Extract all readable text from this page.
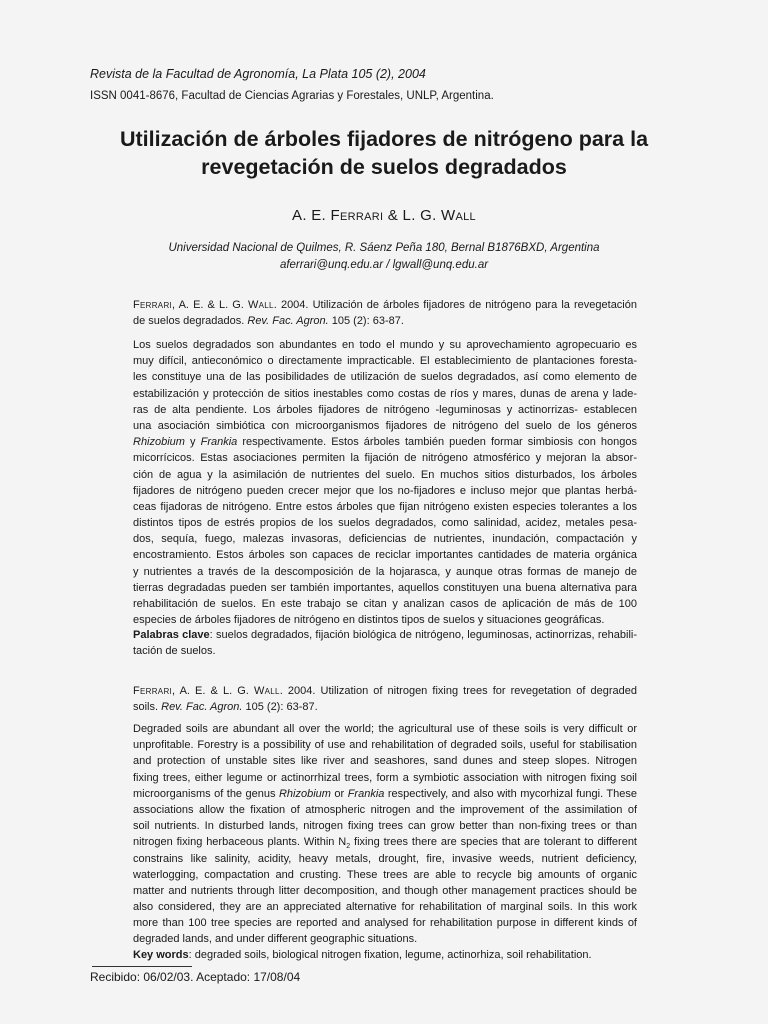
Revista de la Facultad de Agronomía, La Plata 105 (2), 2004

ISSN 0041-8676, Facultad de Ciencias Agrarias y Forestales, UNLP, Argentina.

Utilización de árboles fijadores de nitrógeno para la
revegetación de suelos degradados

A. E. Ferrari & L. G. Wall

Universidad Nacional de Quilmes, R. Sáenz Peña 180, Bernal B1876BXD, Argentina
aferrari@unq.edu.ar / lgwall@unq.edu.ar

Ferrari, A. E. & L. G. Wall. 2004. Utilización de árboles fijadores de nitrógeno para la revegetación
de suelos degradados. Rev. Fac. Agron. 105 (2): 63-87.
Los suelos degradados son abundantes en todo el mundo y su aprovechamiento agropecuario es
muy difícil, antieconómico o directamente impracticable. El establecimiento de plantaciones foresta-
les constituye una de las posibilidades de utilización de suelos degradados, así como elemento de
estabilización y protección de sitios inestables como costas de ríos y mares, dunas de arena y lade-
ras de alta pendiente. Los árboles fijadores de nitrógeno -leguminosas y actinorrizas- establecen
una asociación simbiótica con microorganismos fijadores de nitrógeno del suelo de los géneros
Rhizobium y Frankia respectivamente. Estos árboles también pueden formar simbiosis con hongos
micorrícicos. Estas asociaciones permiten la fijación de nitrógeno atmosférico y mejoran la absor-
ción de agua y la asimilación de nutrientes del suelo. En muchos sitios disturbados, los árboles
fijadores de nitrógeno pueden crecer mejor que los no-fijadores e incluso mejor que plantas herbá-
ceas fijadoras de nitrógeno. Entre estos árboles que fijan nitrógeno existen especies tolerantes a los
distintos tipos de estrés propios de los suelos degradados, como salinidad, acidez, metales pesa-
dos, sequía, fuego, malezas invasoras, deficiencias de nutrientes, inundación, compactación y
encostramiento. Estos árboles son capaces de reciclar importantes cantidades de materia orgánica
y nutrientes a través de la descomposición de la hojarasca, y aunque otras formas de manejo de
tierras degradadas pueden ser también importantes, aquellos constituyen una buena alternativa para
rehabilitación de suelos. En este trabajo se citan y analizan casos de aplicación de más de 100
especies de árboles fijadores de nitrógeno en distintos tipos de suelos y situaciones geográficas.
Palabras clave: suelos degradados, fijación biológica de nitrógeno, leguminosas, actinorrizas, rehabili-
tación de suelos.
Ferrari, A. E. & L. G. Wall. 2004. Utilization of nitrogen fixing trees for revegetation of degraded
soils. Rev. Fac. Agron. 105 (2): 63-87.
Degraded soils are abundant all over the world; the agricultural use of these soils is very difficult or
unprofitable. Forestry is a possibility of use and rehabilitation of degraded soils, useful for stabilisation
and protection of unstable sites like river and seashores, sand dunes and steep slopes. Nitrogen
fixing trees, either legume or actinorrhizal trees, form a symbiotic association with nitrogen fixing soil
microorganisms of the genus Rhizobium or Frankia respectively, and also with mycorhizal fungi. These
associations allow the fixation of atmospheric nitrogen and the improvement of the assimilation of
soil nutrients. In disturbed lands, nitrogen fixing trees can grow better than non-fixing trees or than
nitrogen fixing herbaceous plants. Within $N_2$ fixing trees there are species that are tolerant to different
constrains like salinity, acidity, heavy metals, drought, fire, invasive weeds, nutrient deficiency,
waterlogging, compactation and crusting. These trees are able to recycle big amounts of organic
matter and nutrients through litter decomposition, and though other management practices should be
also considered, they are an appreciated alternative for rehabilitation of marginal soils. In this work
more than 100 tree species are reported and analysed for rehabilitation purpose in different kinds of
degraded lands, and under different geographic situations.
Key words: degraded soils, biological nitrogen fixation, legume, actinorhiza, soil rehabilitation.

Recibido: 06/02/03. Aceptado: 17/08/04
